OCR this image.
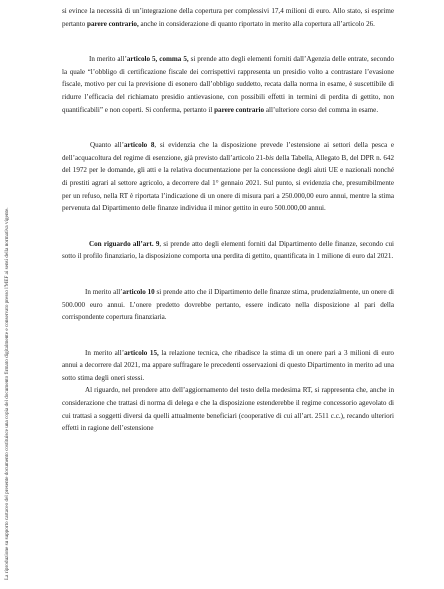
La riproduzione su supporto cartaceo del presente documento costituisce una copia del documento firmato digitalmente e conservato presso l'MEF ai sensi della normativa vigente.

si evince la necessità di un’integrazione della copertura per complessivi 17,4 milioni di euro. Allo stato, si esprime pertanto parere contrario, anche in considerazione di quanto riportato in merito alla copertura all’articolo 26.

In merito all’articolo 5, comma 5, si prende atto degli elementi forniti dall’Agenzia delle entrate, secondo la quale “l’obbligo di certificazione fiscale dei corrispettivi rappresenta un presidio volto a contrastare l’evasione fiscale, motivo per cui la previsione di esonero dall’obbligo suddetto, recata dalla norma in esame, è suscettibile di ridurre l’efficacia del richiamato presidio antievasione, con possibili effetti in termini di perdita di gettito, non quantificabili” e non coperti. Si conferma, pertanto il parere contrario all’ulteriore corso del comma in esame.

Quanto all’articolo 8, si evidenzia che la disposizione prevede l’estensione ai settori della pesca e dell’acquacoltura del regime di esenzione, già previsto dall’articolo 21-bis della Tabella, Allegato B, del DPR n. 642 del 1972 per le domande, gli atti e la relativa documentazione per la concessione degli aiuti UE e nazionali nonché di prestiti agrari al settore agricolo, a decorrere dal 1° gennaio 2021. Sul punto, si evidenzia che, presumibilmente per un refuso, nella RT è riportata l’indicazione di un onere di misura pari a 250.000,00 euro annui, mentre la stima pervenuta dal Dipartimento delle finanze individua il minor gettito in euro 500.000,00 annui.

Con riguardo all’art. 9, si prende atto degli elementi forniti dal Dipartimento delle finanze, secondo cui sotto il profilo finanziario, la disposizione comporta una perdita di gettito, quantificata in 1 milione di euro dal 2021.

In merito all’articolo 10 si prende atto che il Dipartimento delle finanze stima, prudenzialmente, un onere di 500.000 euro annui. L’onere predetto dovrebbe pertanto, essere indicato nella disposizione al pari della corrispondente copertura finanziaria.

In merito all’articolo 15, la relazione tecnica, che ribadisce la stima di un onere pari a 3 milioni di euro annui a decorrere dal 2021, ma appare suffragare le precedenti osservazioni di questo Dipartimento in merito ad una sotto stima degli oneri stessi.

Al riguardo, nel prendere atto dell’aggiornamento del testo della medesima RT, si rappresenta che, anche in considerazione che trattasi di norma di delega e che la disposizione estenderebbe il regime concessorio agevolato di cui trattasi a soggetti diversi da quelli attualmente beneficiari (cooperative di cui all’art. 2511 c.c.), recando ulteriori effetti in ragione dell’estensione
